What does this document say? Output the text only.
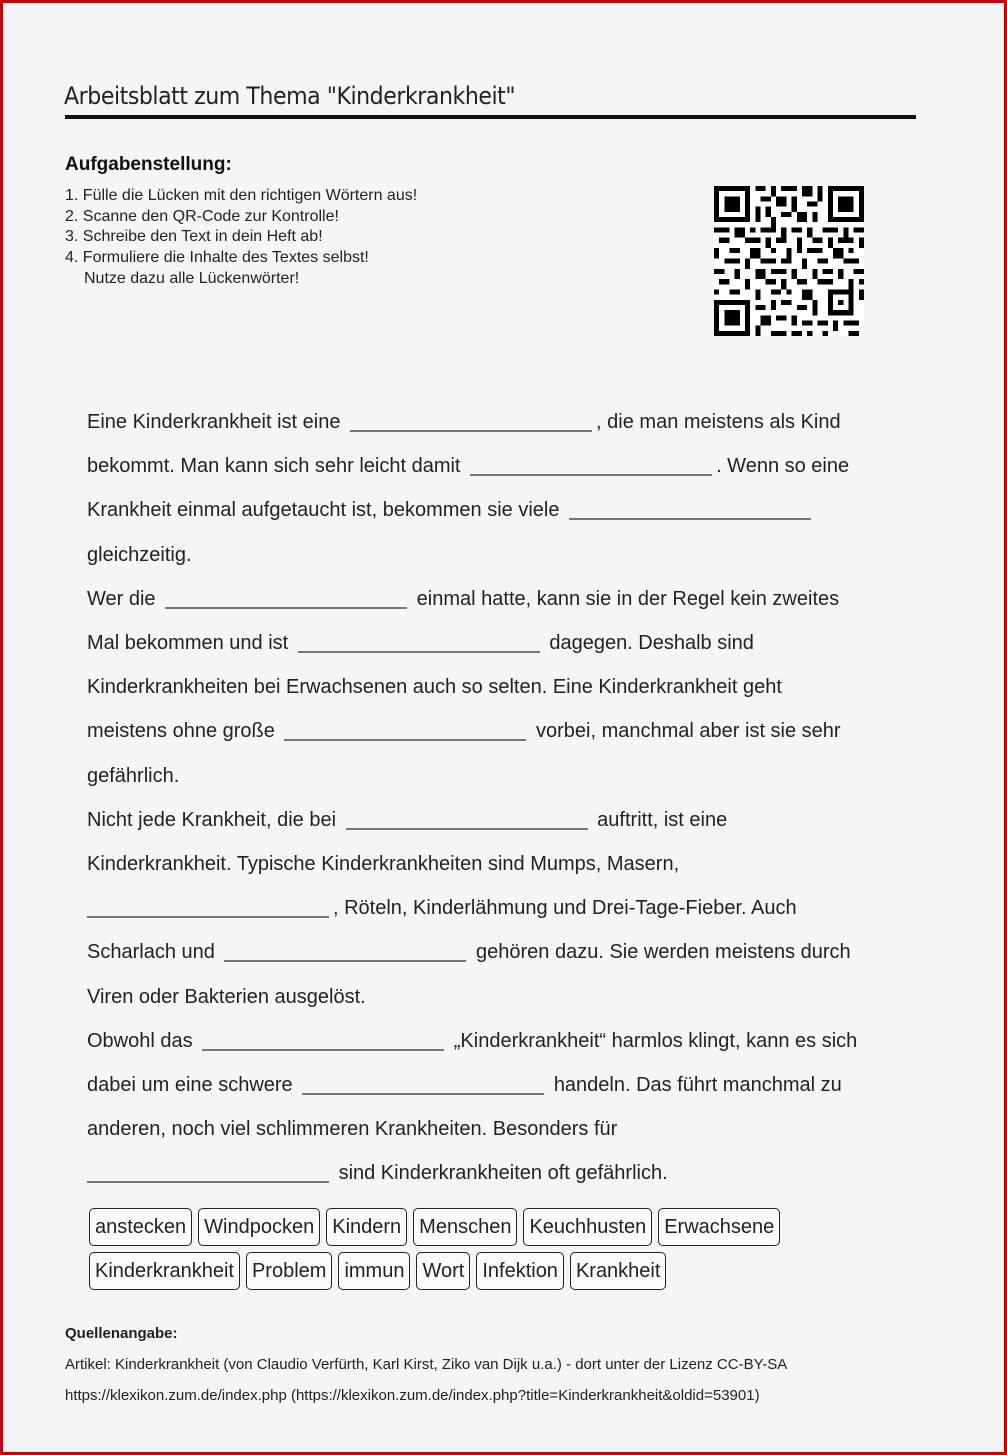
Arbeitsblatt zum Thema "Kinderkrankheit"
Aufgabenstellung:
1. Fülle die Lücken mit den richtigen Wörtern aus!
2. Scanne den QR-Code zur Kontrolle!
3. Schreibe den Text in dein Heft ab!
4. Formuliere die Inhalte des Textes selbst!
Nutze dazu alle Lückenwörter!
Eine Kinderkrankheit ist eine	, die man meistens als Kind
bekommt. Man kann sich sehr leicht damit	. Wenn so eine
Krankheit einmal aufgetaucht ist, bekommen sie viele
gleichzeitig.
Wer die	einmal hatte, kann sie in der Regel kein zweites
Mal bekommen und ist	dagegen. Deshalb sind
Kinderkrankheiten bei Erwachsenen auch so selten. Eine Kinderkrankheit geht
meistens ohne große	vorbei, manchmal aber ist sie sehr
gefährlich.
Nicht jede Krankheit, die bei	auftritt, ist eine
Kinderkrankheit. Typische Kinderkrankheiten sind Mumps, Masern,
, Röteln, Kinderlähmung und Drei-Tage-Fieber. Auch
Scharlach und	gehören dazu. Sie werden meistens durch
Viren oder Bakterien ausgelöst.
Obwohl das	„Kinderkrankheit“ harmlos klingt, kann es sich
dabei um eine schwere	handeln. Das führt manchmal zu
anderen, noch viel schlimmeren Krankheiten. Besonders für
sind Kinderkrankheiten oft gefährlich.
anstecken Windpocken Kindern Menschen Keuchhusten Erwachsene
Kinderkrankheit Problem immun Wort Infektion Krankheit
Quellenangabe:
Artikel: Kinderkrankheit (von Claudio Verfürth, Karl Kirst, Ziko van Dijk u.a.) - dort unter der Lizenz CC-BY-SA
https://klexikon.zum.de/index.php (https://klexikon.zum.de/index.php?title=Kinderkrankheit&oldid=53901)
